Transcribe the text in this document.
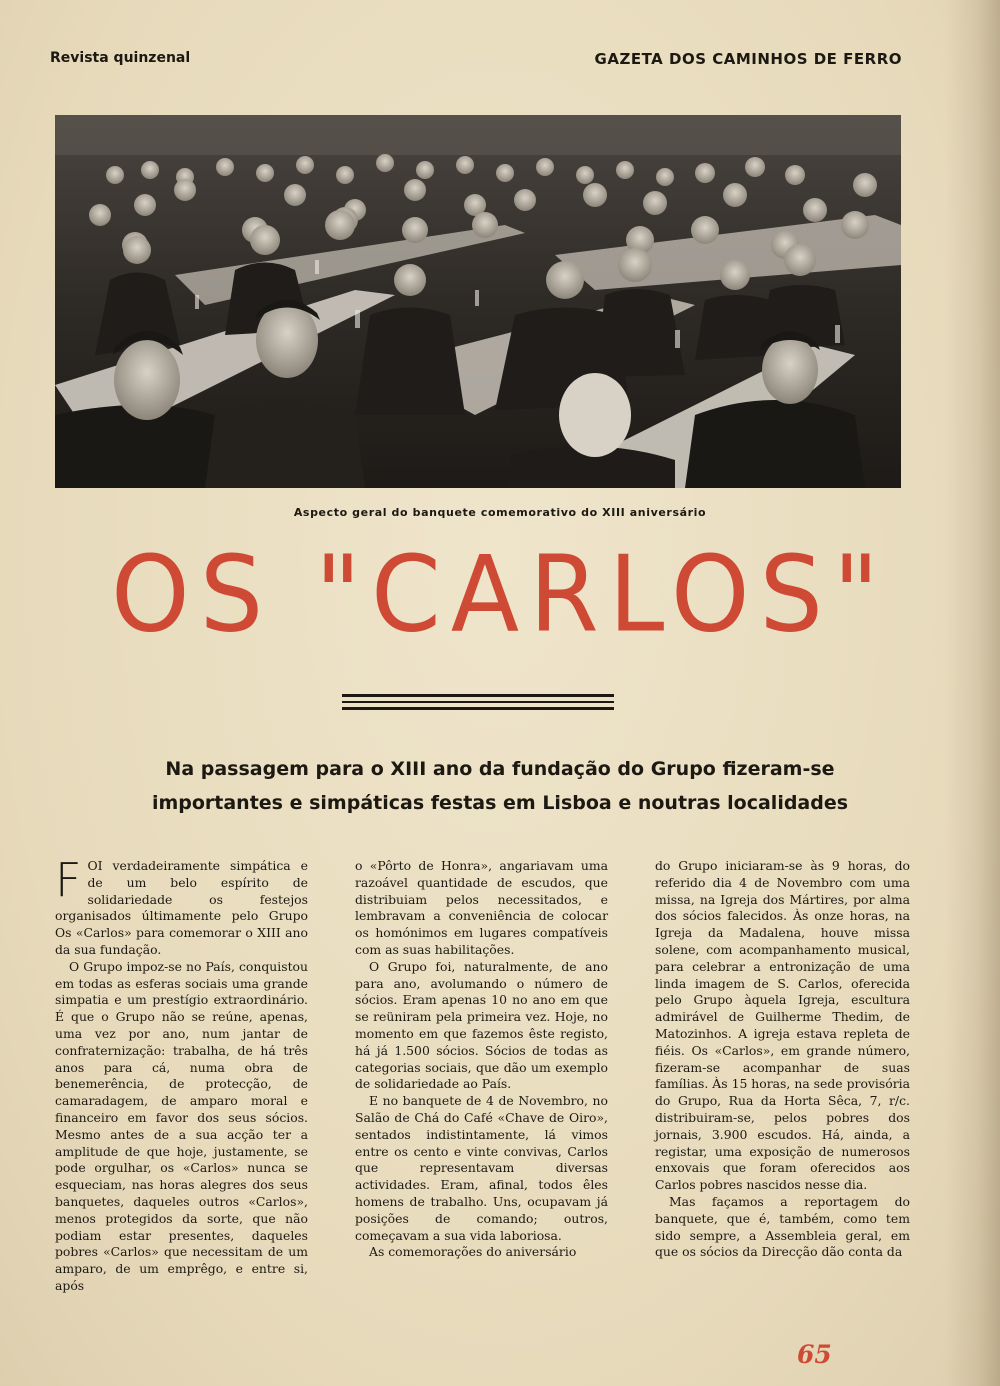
Revista quinzenal	GAZETA DOS CAMINHOS DE FERRO
Aspecto geral do banquete comemorativo do XIII aniversário
OS "CARLOS"
Na passagem para o XIII ano da fundação do Grupo fizeram-se
importantes e simpáticas festas em Lisboa e noutras localidades

FOI verdadeiramente simpática e de um belo espírito de solidariedade os festejos organisados últimamente pelo Grupo Os «Carlos» para comemorar o XIII ano da sua fundação.

O Grupo impoz-se no País, conquistou em todas as esferas sociais uma grande simpatia e um prestígio extraordinário. É que o Grupo não se reúne, apenas, uma vez por ano, num jantar de confraternização: trabalha, de há três anos para cá, numa obra de benemerência, de protecção, de camaradagem, de amparo moral e financeiro em favor dos seus sócios. Mesmo antes de a sua acção ter a amplitude de que hoje, justamente, se pode orgulhar, os «Carlos» nunca se esqueciam, nas horas alegres dos seus banquetes, daqueles outros «Carlos», menos protegidos da sorte, que não podiam estar presentes, daqueles pobres «Carlos» que necessitam de um amparo, de um emprêgo, e entre si, após

o «Pôrto de Honra», angariavam uma razoável quantidade de escudos, que distribuiam pelos necessitados, e lembravam a conveniência de colocar os homónimos em lugares compatíveis com as suas habilitações.

O Grupo foi, naturalmente, de ano para ano, avolumando o número de sócios. Eram apenas 10 no ano em que se reüniram pela primeira vez. Hoje, no momento em que fazemos êste registo, há já 1.500 sócios. Sócios de todas as categorias sociais, que dão um exemplo de solidariedade ao País.

E no banquete de 4 de Novembro, no Salão de Chá do Café «Chave de Oiro», sentados indistintamente, lá vimos entre os cento e vinte convivas, Carlos que representavam diversas actividades. Eram, afinal, todos êles homens de trabalho. Uns, ocupavam já posições de comando; outros, começavam a sua vida laboriosa.

As comemorações do aniversário

do Grupo iniciaram-se às 9 horas, do referido dia 4 de Novembro com uma missa, na Igreja dos Mártires, por alma dos sócios falecidos. Às onze horas, na Igreja da Madalena, houve missa solene, com acompanhamento musical, para celebrar a entronização de uma linda imagem de S. Carlos, oferecida pelo Grupo àquela Igreja, escultura admirável de Guilherme Thedim, de Matozinhos. A igreja estava repleta de fiéis. Os «Carlos», em grande número, fizeram-se acompanhar de suas famílias. Às 15 horas, na sede provisória do Grupo, Rua da Horta Sêca, 7, r/c. distribuiram-se, pelos pobres dos jornais, 3.900 escudos. Há, ainda, a registar, uma exposição de numerosos enxovais que foram oferecidos aos Carlos pobres nascidos nesse dia.

Mas façamos a reportagem do banquete, que é, também, como tem sido sempre, a Assembleia geral, em que os sócios da Direcção dão conta da

65
